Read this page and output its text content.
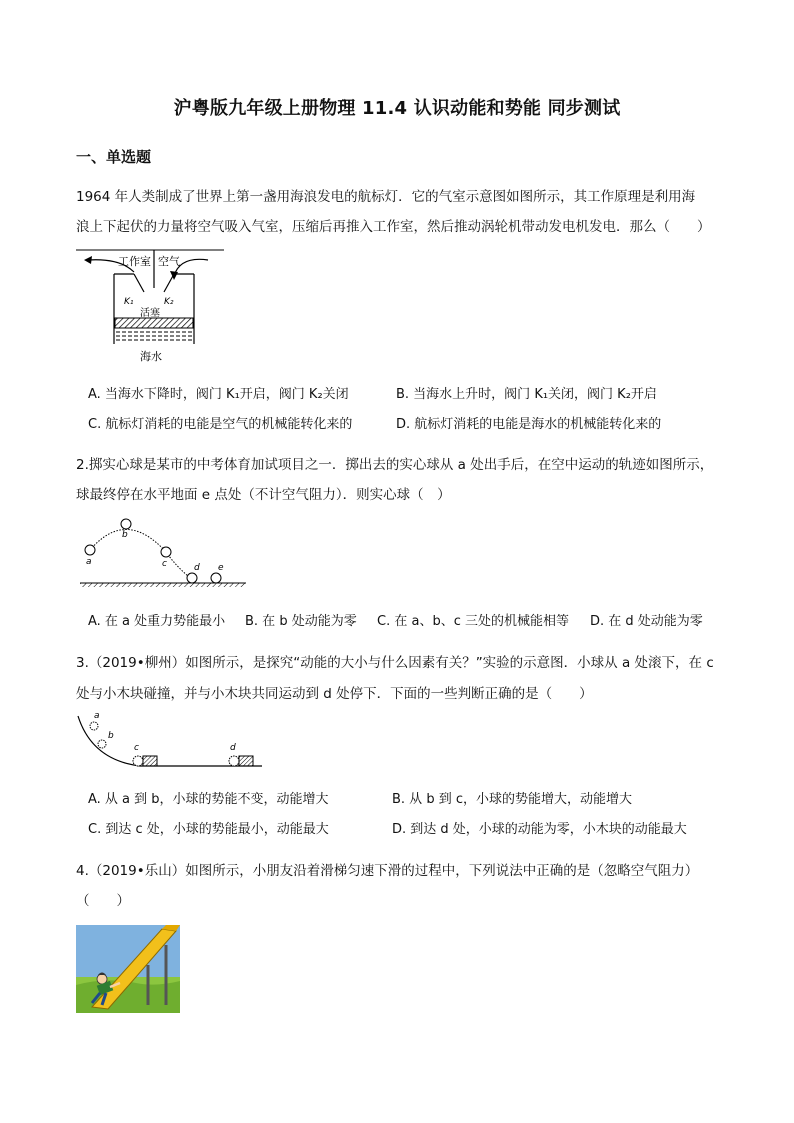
沪粤版九年级上册物理 11.4 认识动能和势能 同步测试
一、单选题
1964 年人类制成了世界上第一盏用海浪发电的航标灯．它的气室示意图如图所示，其工作原理是利用海
浪上下起伏的力量将空气吸入气室，压缩后再推入工作室，然后推动涡轮机带动发电机发电．那么（　　）
工作室 空气
K₁	K₂
活塞
海水
A. 当海水下降时，阀门 K₁开启，阀门 K₂关闭	B. 当海水上升时，阀门 K₁关闭，阀门 K₂开启
C. 航标灯消耗的电能是空气的机械能转化来的	D. 航标灯消耗的电能是海水的机械能转化来的
2.掷实心球是某市的中考体育加试项目之一．掷出去的实心球从 a 处出手后，在空中运动的轨迹如图所示，
球最终停在水平地面 e 点处（不计空气阻力）．则实心球（　）
a
b
c	d e
A. 在 a 处重力势能最小 B. 在 b 处动能为零 C. 在 a、b、c 三处的机械能相等 D. 在 d 处动能为零
3.（2019•柳州）如图所示，是探究“动能的大小与什么因素有关？”实验的示意图．小球从 a 处滚下，在 c
处与小木块碰撞，并与小木块共同运动到 d 处停下．下面的一些判断正确的是（　　）
a
b
c	d
A. 从 a 到 b，小球的势能不变，动能增大	B. 从 b 到 c，小球的势能增大，动能增大
C. 到达 c 处，小球的势能最小，动能最大	D. 到达 d 处，小球的动能为零，小木块的动能最大
4.（2019•乐山）如图所示，小朋友沿着滑梯匀速下滑的过程中，下列说法中正确的是（忽略空气阻力）
（　　）
